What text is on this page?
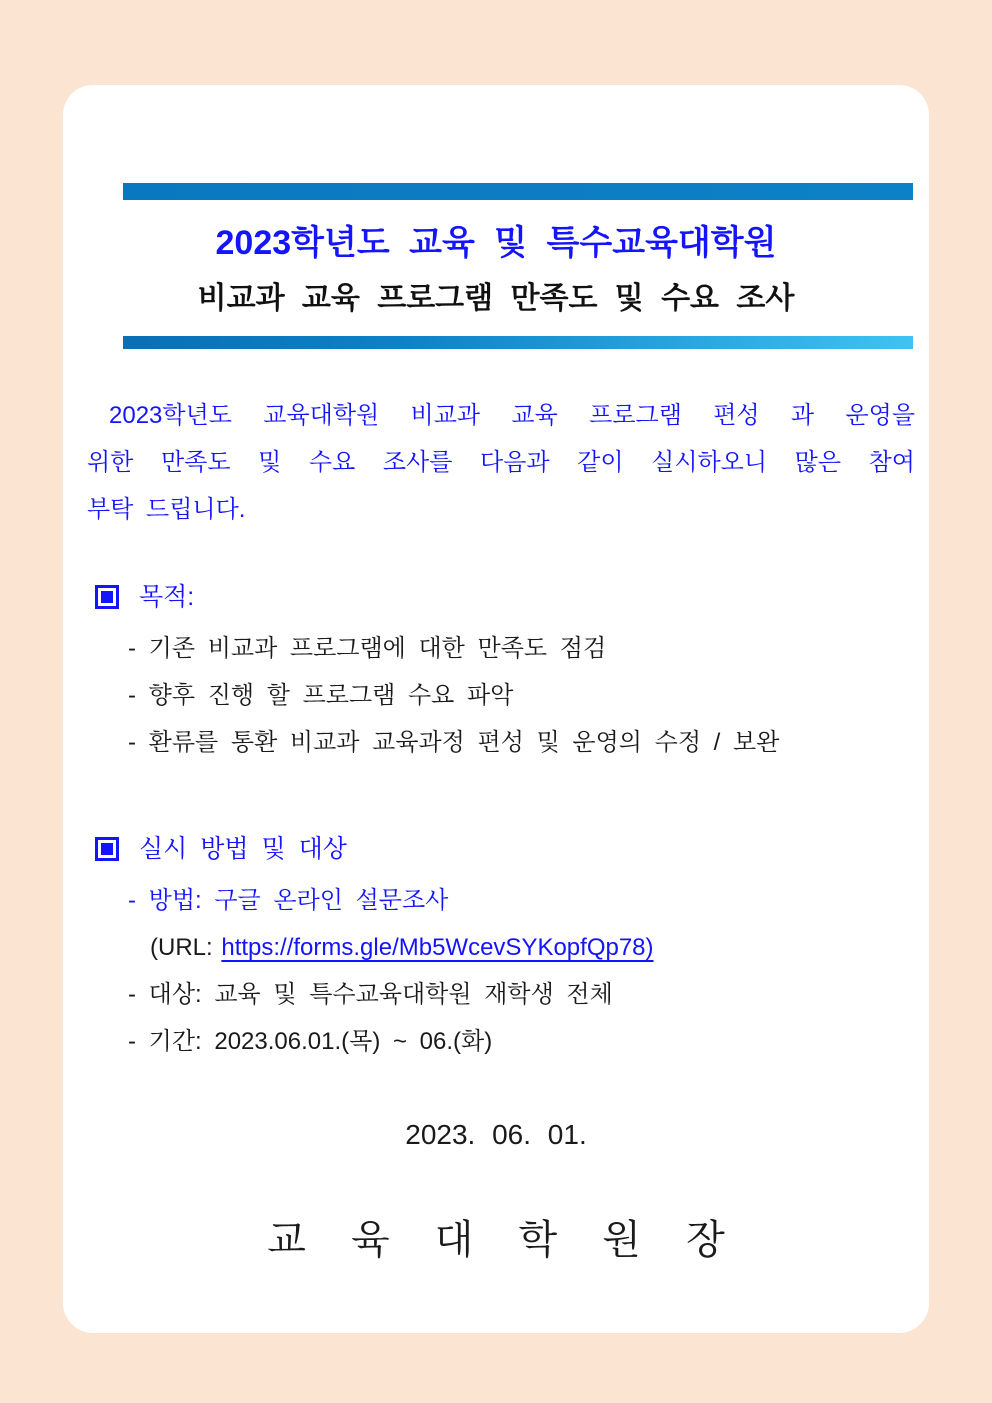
2023학년도 교육 및 특수교육대학원
비교과 교육 프로그램 만족도 및 수요 조사
2023학년도 교육대학원 비교과 교육 프로그램 편성 과 운영을
위한 만족도 및 수요 조사를 다음과 같이 실시하오니 많은 참여
부탁 드립니다.
목적:
- 기존 비교과 프로그램에 대한 만족도 점검
- 향후 진행 할 프로그램 수요 파악
- 환류를 통환 비교과 교육과정 편성 및 운영의 수정 / 보완
실시 방법 및 대상
- 방법: 구글 온라인 설문조사
(URL: https://forms.gle/Mb5WcevSYKopfQp78)
- 대상: 교육 및 특수교육대학원 재학생 전체
- 기간: 2023.06.01.(목) ~ 06.(화)
2023. 06. 01.
교 육 대 학 원 장
